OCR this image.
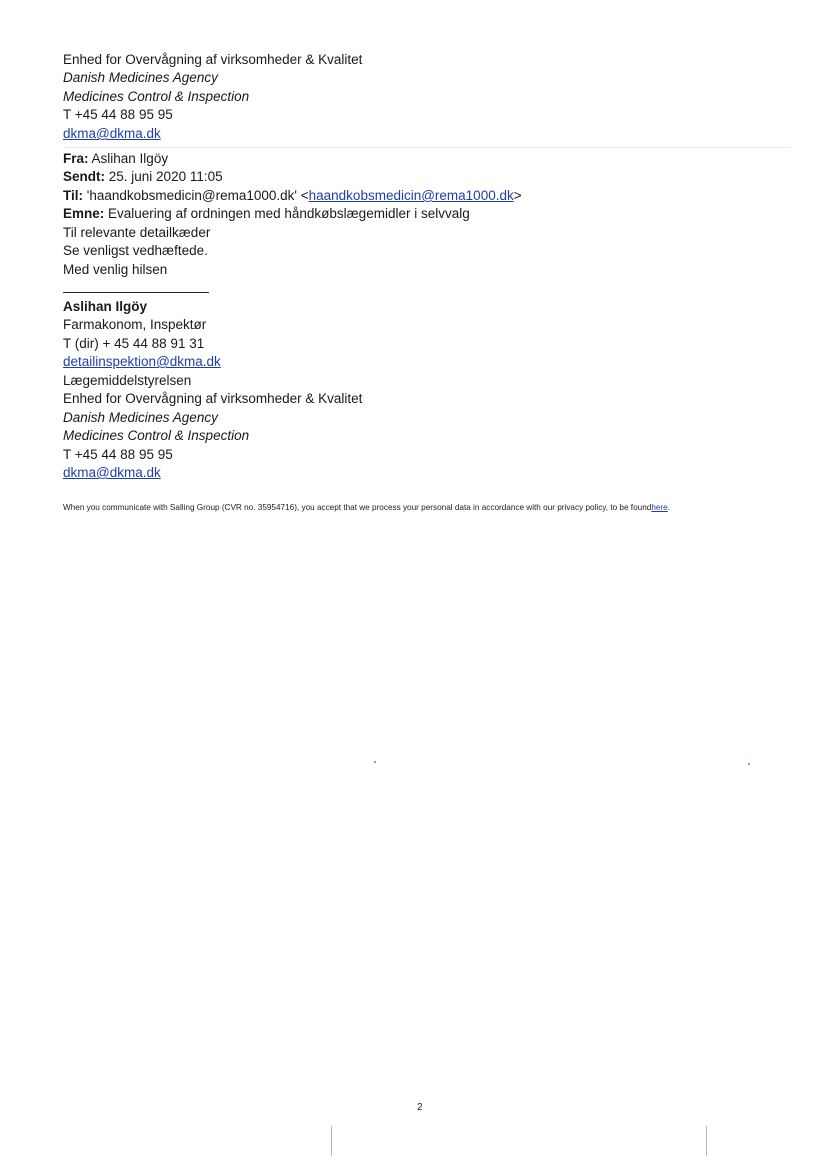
Enhed for Overvågning af virksomheder & Kvalitet
Danish Medicines Agency
Medicines Control & Inspection
T +45 44 88 95 95
dkma@dkma.dk
Fra: Aslihan Ilgöy
Sendt: 25. juni 2020 11:05
Til: 'haandkobsmedicin@rema1000.dk' <haandkobsmedicin@rema1000.dk>
Emne: Evaluering af ordningen med håndkøbslægemidler i selvvalg
Til relevante detailkæder
Se venligst vedhæftede.
Med venlig hilsen
Aslihan Ilgöy
Farmakonom, Inspektør
T (dir) + 45 44 88 91 31
detailinspektion@dkma.dk
Lægemiddelstyrelsen
Enhed for Overvågning af virksomheder & Kvalitet
Danish Medicines Agency
Medicines Control & Inspection
T +45 44 88 95 95
dkma@dkma.dk
When you communicate with Salling Group (CVR no. 35954716), you accept that we process your personal data in accordance with our privacy policy, to be foundhere.
2
